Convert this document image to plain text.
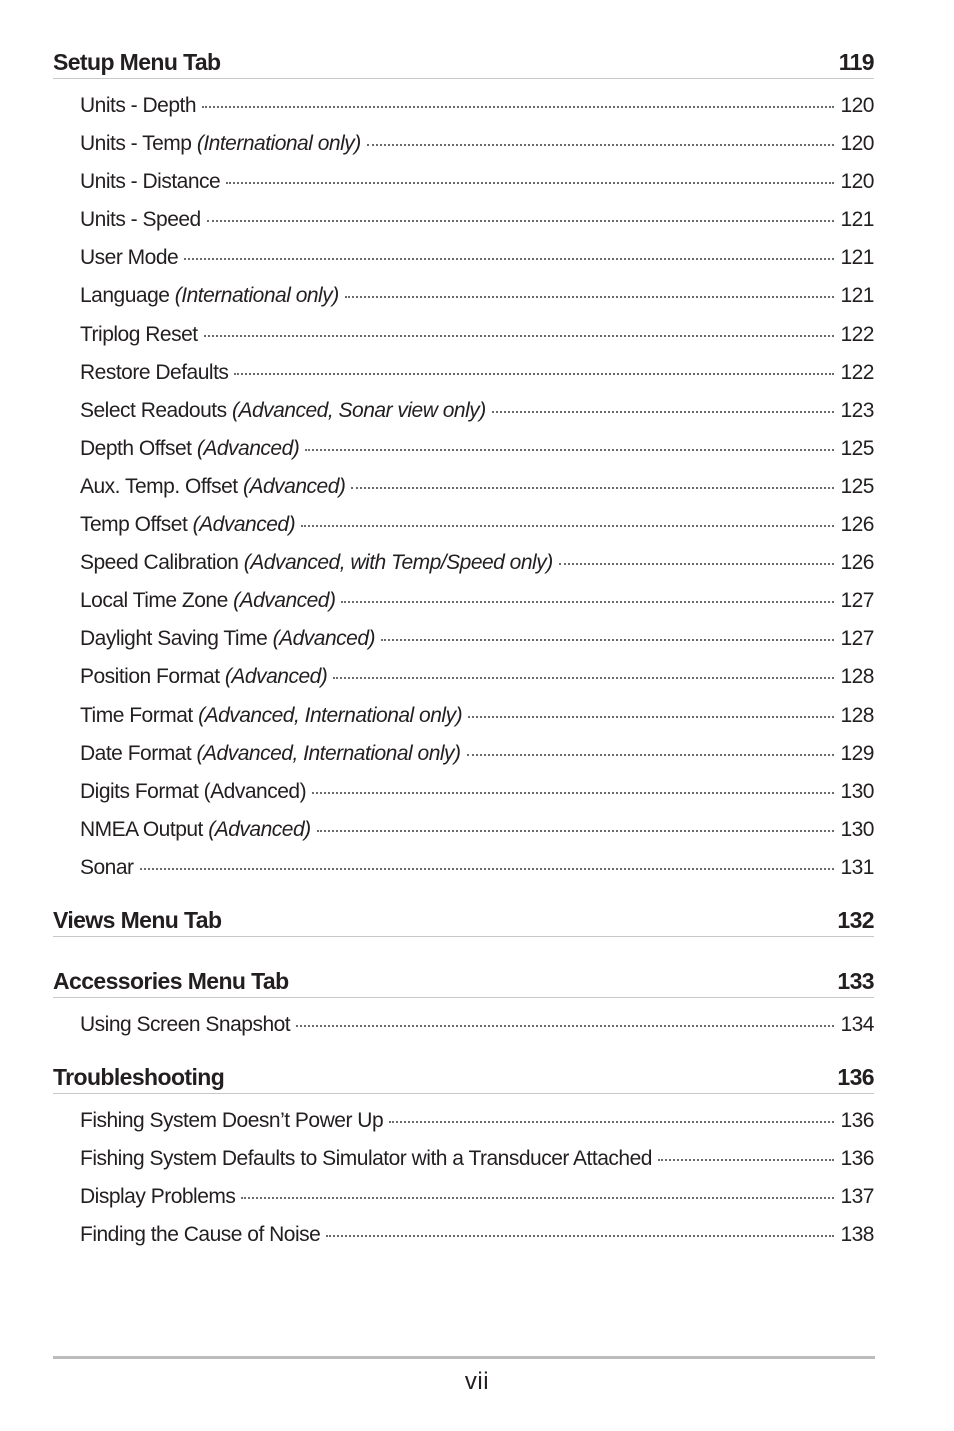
Setup Menu Tab	119
Units - Depth	120
Units - Temp (International only)	120
Units - Distance	120
Units - Speed	121
User Mode	121
Language (International only)	121
Triplog Reset	122
Restore Defaults	122
Select Readouts (Advanced, Sonar view only)	123
Depth Offset (Advanced)	125
Aux. Temp. Offset (Advanced)	125
Temp Offset (Advanced)	126
Speed Calibration (Advanced, with Temp/Speed only)	126
Local Time Zone (Advanced)	127
Daylight Saving Time (Advanced)	127
Position Format (Advanced)	128
Time Format (Advanced, International only)	128
Date Format (Advanced, International only)	129
Digits Format (Advanced)	130
NMEA Output (Advanced)	130
Sonar	131
Views Menu Tab	132
Accessories Menu Tab	133
Using Screen Snapshot	134
Troubleshooting	136
Fishing System Doesn’t Power Up	136
Fishing System Defaults to Simulator with a Transducer Attached	136
Display Problems	137
Finding the Cause of Noise	138
vii
